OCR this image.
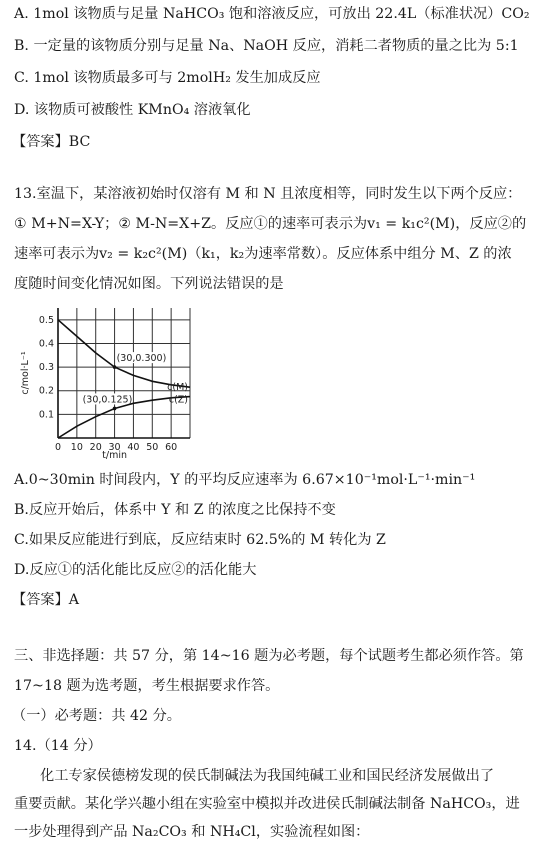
A. 1mol 该物质与足量 NaHCO₃ 饱和溶液反应，可放出 22.4L（标准状况）CO₂
B. 一定量的该物质分别与足量 Na、NaOH 反应，消耗二者物质的量之比为 5:1
C. 1mol 该物质最多可与 2molH₂ 发生加成反应
D. 该物质可被酸性 KMnO₄ 溶液氧化
【答案】BC
13.室温下，某溶液初始时仅溶有 M 和 N 且浓度相等，同时发生以下两个反应：
① M+N=X-Y；② M-N=X+Z。反应①的速率可表示为v₁ = k₁c²(M)，反应②的
速率可表示为v₂ = k₂c²(M)（k₁，k₂为速率常数）。反应体系中组分 M、Z 的浓
度随时间变化情况如图。下列说法错误的是
0 10 20 30 40 50 60
0.1
0.2
0.3
0.4
0.5
t/min
c/mol·L⁻¹	c(M)
c(Z)
(30,0.300)
(30,0.125)
A.0~30min 时间段内，Y 的平均反应速率为 6.67×10⁻¹mol·L⁻¹·min⁻¹
B.反应开始后，体系中 Y 和 Z 的浓度之比保持不变
C.如果反应能进行到底，反应结束时 62.5%的 M 转化为 Z
D.反应①的活化能比反应②的活化能大
【答案】A
三、非选择题：共 57 分，第 14~16 题为必考题，每个试题考生都必须作答。第
17~18 题为选考题，考生根据要求作答。
（一）必考题：共 42 分。
14.（14 分）
化工专家侯德榜发现的侯氏制碱法为我国纯碱工业和国民经济发展做出了
重要贡献。某化学兴趣小组在实验室中模拟并改进侯氏制碱法制备 NaHCO₃，进
一步处理得到产品 Na₂CO₃ 和 NH₄Cl，实验流程如图：
